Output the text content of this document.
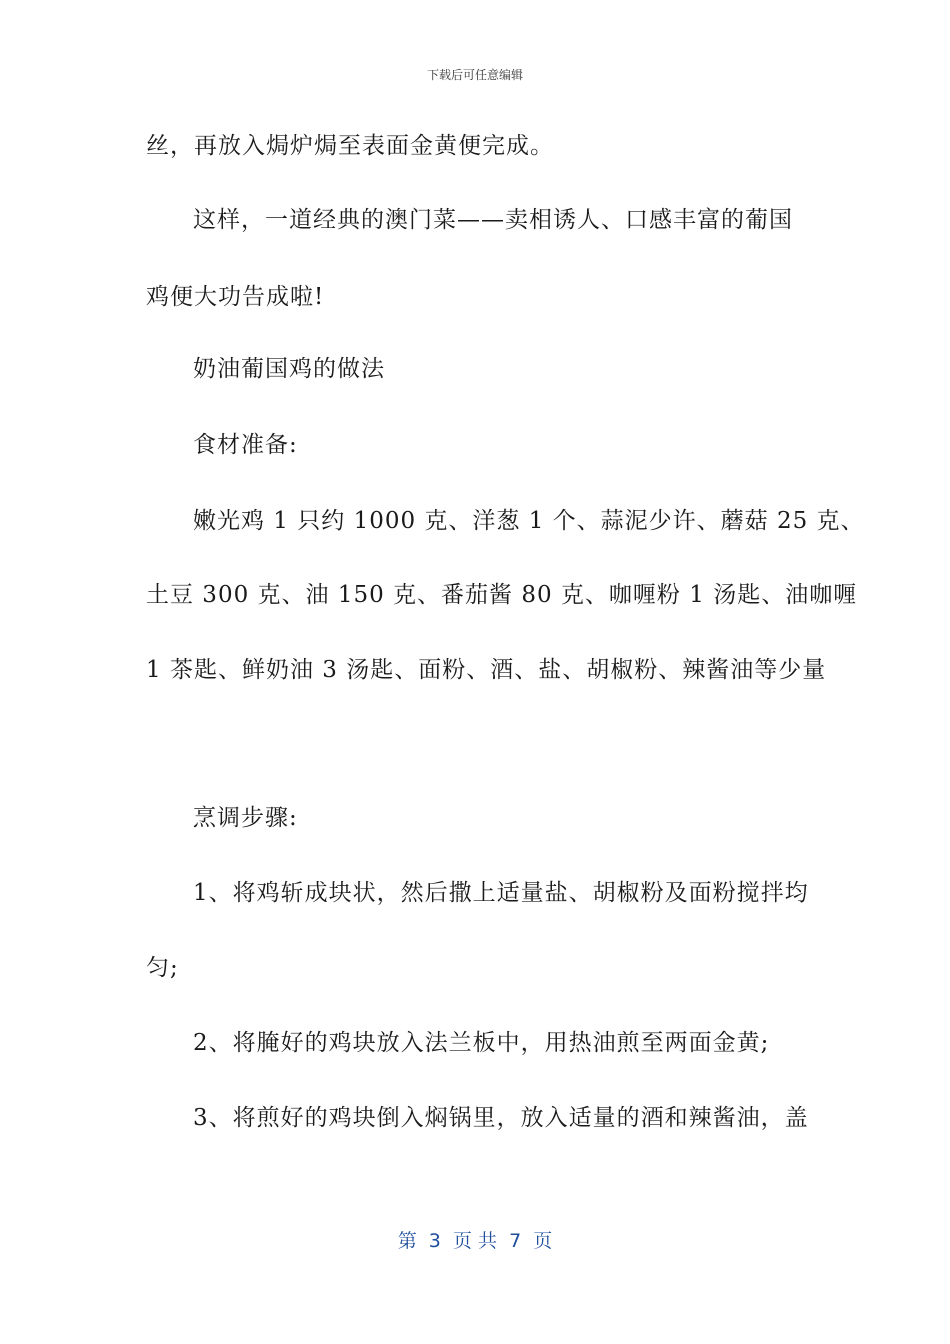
下载后可任意编辑
丝，再放入焗炉焗至表面金黄便完成。
这样，一道经典的澳门菜——卖相诱人、口感丰富的葡国
鸡便大功告成啦!
奶油葡国鸡的做法
食材准备:
嫩光鸡 1 只约 1000 克、洋葱 1 个、蒜泥少许、蘑菇 25 克、
土豆 300 克、油 150 克、番茄酱 80 克、咖喱粉 1 汤匙、油咖喱
1 茶匙、鲜奶油 3 汤匙、面粉、酒、盐、胡椒粉、辣酱油等少量
烹调步骤:
1、将鸡斩成块状，然后撒上适量盐、胡椒粉及面粉搅拌均
匀;
2、将腌好的鸡块放入法兰板中，用热油煎至两面金黄;
3、将煎好的鸡块倒入焖锅里，放入适量的酒和辣酱油，盖
第  3  页 共  7  页
